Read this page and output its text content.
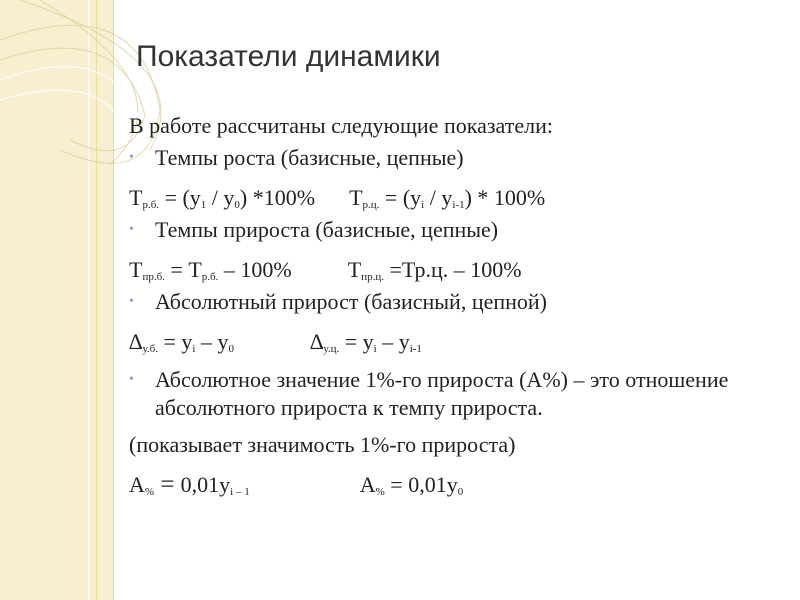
Показатели динамики
В работе рассчитаны следующие показатели:
• Темпы роста (базисные, цепные)
$Т_{р.б.} = (у_1 / у_0)$ *100% $Т_{р.ц.} = (у_i / у_{i-1}) * 100\%$
• Темпы прироста (базисные, цепные)
$Т_{пр.б.} = Т_{р.б.} - 100\%$	$Т_{пр.ц.} =Тр.ц$. – 100%
• Абсолютный прирост (базисный, цепной)
$\Delta_{у.б.} = у_i - у_0$	$\Delta_{у.ц.} = у_i - у_{i-1}$
• Абсолютное значение 1%-го прироста (А%) – это отношение абсолютного прироста к темпу прироста.
(показывает значимость 1%-го прироста)
$А_{\%} = 0,01у_{i - 1}$	$А_{\%} = 0,01у_0$
